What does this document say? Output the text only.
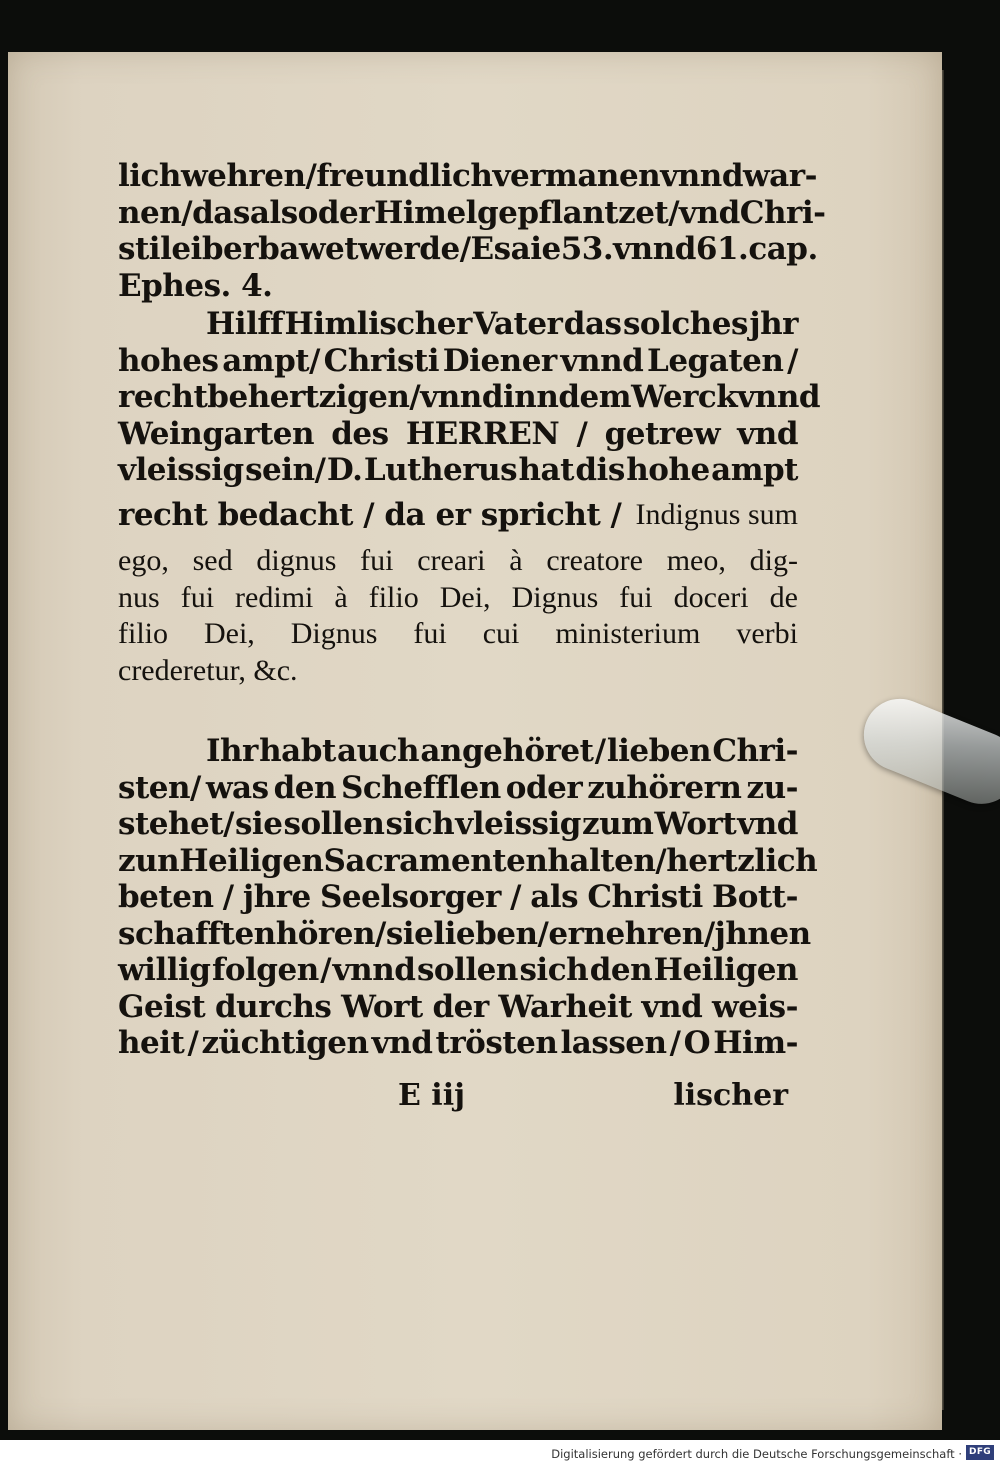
lich wehren/ freundlich vermanen vnnd war-
nen/das also der Himel gepflantzet/vnd Chri-
sti leib erbawet werde/ Esaie 53. vnnd 61. cap.
Ephes. 4.
Hilff Himlischer Vater das solches jhr
hohes ampt/ Christi Diener vnnd Legaten /
recht behertzigen/ vnnd inn dem Werck vnnd
Weingarten des HERREN / getrew vnd
vleissig sein/ D. Lutherus hat dis hohe ampt
recht bedacht / da er spricht / Indignus sum
ego, sed dignus fui creari à creatore meo, dig-
nus fui redimi à filio Dei, Dignus fui doceri de
filio Dei, Dignus fui cui ministerium verbi
crederetur, &c.
Ihr habt auch angehöret / lieben Chri-
sten/ was den Schefflen oder zuhörern zu-
stehet/ sie sollen sich vleissig zum Wort vnd
zun Heiligen Sacramenten halten / hertzlich
beten / jhre Seelsorger / als Christi Bott-
schafften hören / sie lieben / ernehren / jhnen
willig folgen / vnnd sollen sich den Heiligen
Geist durchs Wort der Warheit vnd weis-
heit / züchtigen vnd trösten lassen / O Him-
E iij	lischer
Digitalisierung gefördert durch die Deutsche Forschungsgemeinschaft · DFG
